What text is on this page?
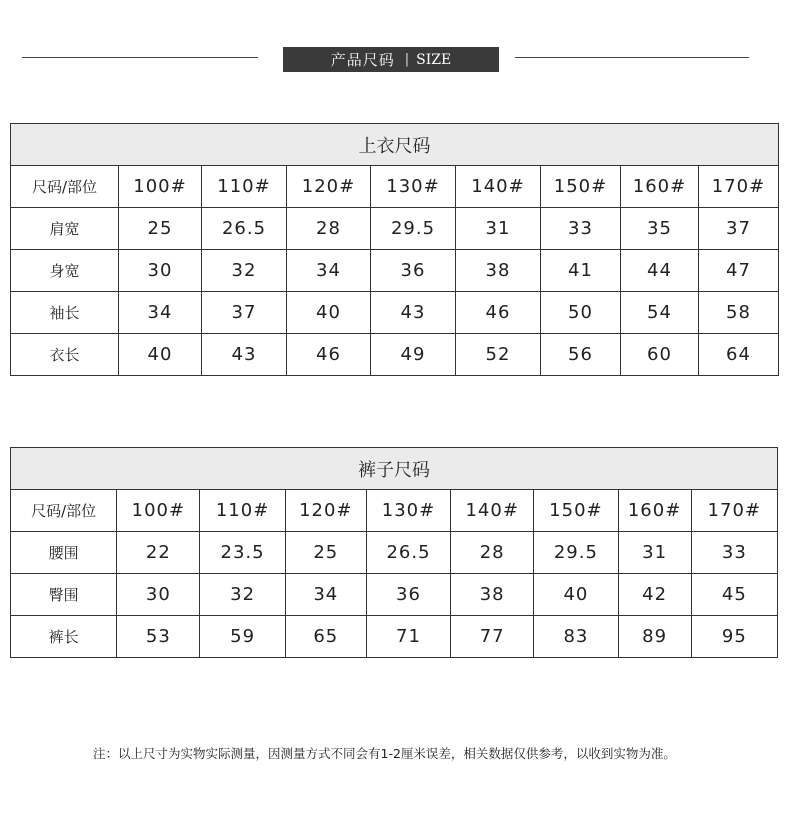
产品尺码 | SIZE
上衣尺码								
尺码/部位	100#	110#	120#	130#	140#	150#	160#	170#
肩宽	25	26.5	28	29.5	31	33	35	37
身宽	30	32	34	36	38	41	44	47
袖长	34	37	40	43	46	50	54	58
衣长	40	43	46	49	52	56	60	64
裤子尺码								
尺码/部位	100#	110#	120#	130#	140#	150#	160#	170#
腰围	22	23.5	25	26.5	28	29.5	31	33
臀围	30	32	34	36	38	40	42	45
裤长	53	59	65	71	77	83	89	95
注：以上尺寸为实物实际测量，因测量方式不同会有1-2厘米误差，相关数据仅供参考，以收到实物为准。
